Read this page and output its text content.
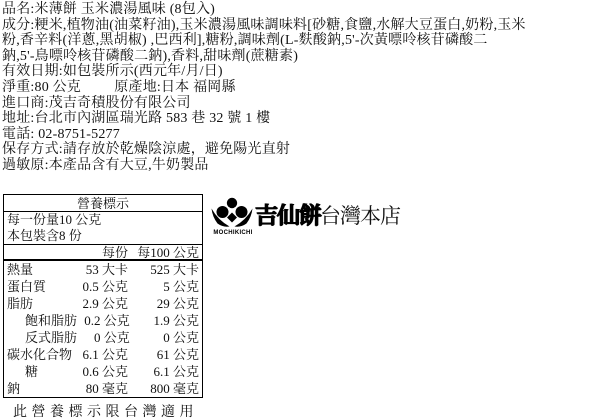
品名:米薄餅 玉米濃湯風味 (8包入)
成分:粳米,植物油(油菜籽油),玉米濃湯風味調味料[砂糖,食鹽,水解大豆蛋白,奶粉,玉米
粉,香辛料(洋蔥,黑胡椒) ,巴西利],糖粉,調味劑(L-麩酸鈉,5'-次黃嘌呤核苷磷酸二
鈉,5'-鳥嘌呤核苷磷酸二鈉),香料,甜味劑(蔗糖素)
有效日期:如包裝所示(西元年/月/日)
淨重:80 公克         原產地:日本 福岡縣
進口商:茂吉奇積股份有限公司
地址:台北市內湖區瑞光路 583 巷 32 號 1 樓
電話: 02-8751-5277
保存方式:請存放於乾燥陰涼處，避免陽光直射
過敏原:本產品含有大豆,牛奶製品
營養標示
每一份量10 公克
本包裝含8 份
每份 每100 公克
熱量	53 大卡	525 大卡
蛋白質	0.5 公克	5 公克
脂肪	2.9 公克	29 公克
飽和脂肪 0.2 公克	1.9 公克
反式脂肪	0 公克	0 公克
碳水化合物 6.1 公克	61 公克
糖	0.6 公克	6.1 公克
鈉	80 毫克	800 毫克
此營養標示限台灣適用
MOCHIKICHI
吉仙餅 台灣本店
